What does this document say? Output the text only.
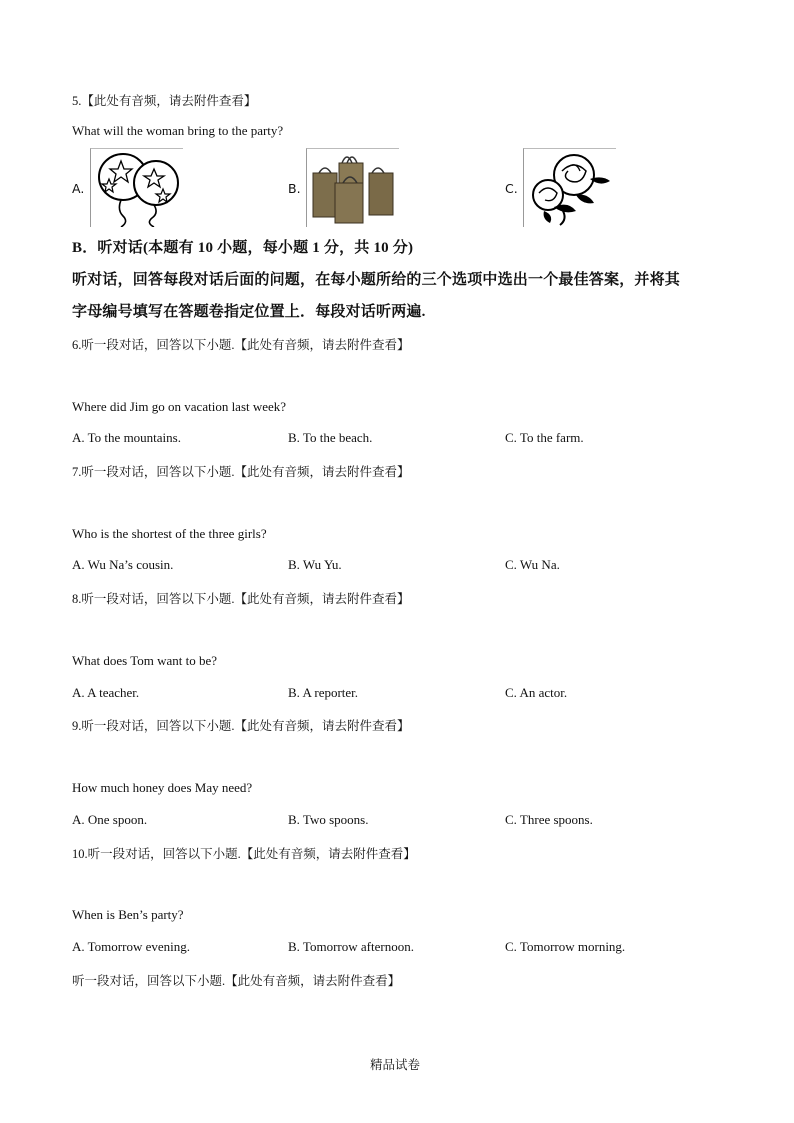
5.【此处有音频，请去附件查看】
What will the woman bring to the party?
A.	B.	C.
B．听对话(本题有 10 小题，每小题 1 分，共 10 分)
听对话，回答每段对话后面的问题，在每小题所给的三个选项中选出一个最佳答案，并将其
字母编号填写在答题卷指定位置上．每段对话听两遍.
6.听一段对话，回答以下小题.【此处有音频，请去附件查看】
Where did Jim go on vacation last week?
A. To the mountains.	B. To the beach.	C. To the farm.
7.听一段对话，回答以下小题.【此处有音频，请去附件查看】
Who is the shortest of the three girls?
A. Wu Na’s cousin.	B. Wu Yu.	C. Wu Na.
8.听一段对话，回答以下小题.【此处有音频，请去附件查看】
What does Tom want to be?
A. A teacher.	B. A reporter.	C. An actor.
9.听一段对话，回答以下小题.【此处有音频，请去附件查看】
How much honey does May need?
A. One spoon.	B. Two spoons.	C. Three spoons.
10.听一段对话，回答以下小题.【此处有音频，请去附件查看】
When is Ben’s party?
A. Tomorrow evening.	B. Tomorrow afternoon.	C. Tomorrow morning.
听一段对话，回答以下小题.【此处有音频，请去附件查看】
精品试卷
